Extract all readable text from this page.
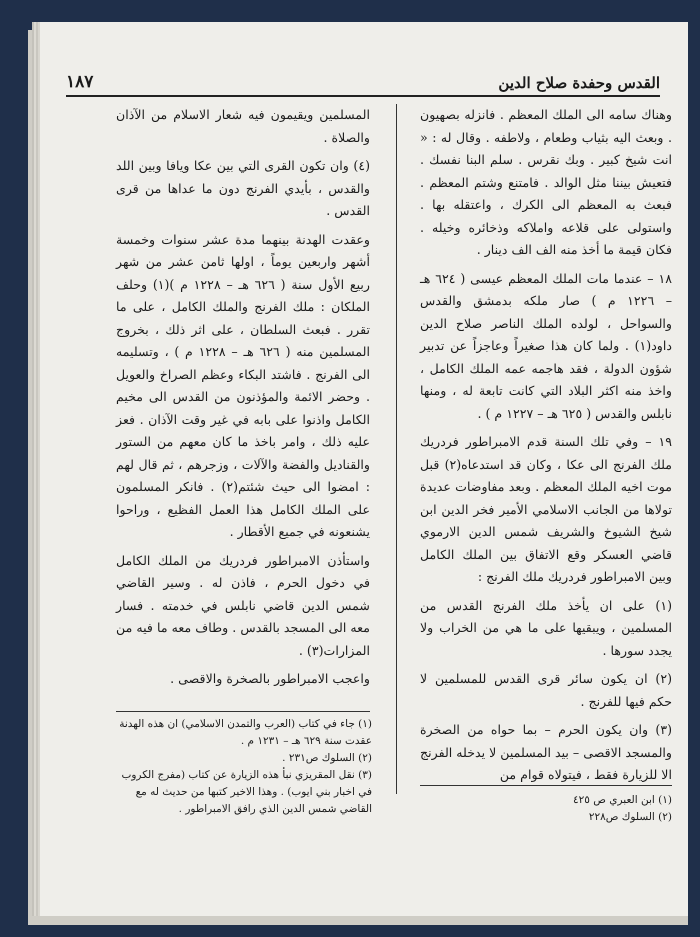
القدس وحفدة صلاح الدين
١٨٧

وهناك سامه الى الملك المعظم . فانزله بصهيون . وبعث اليه بثياب وطعام ، ولاطفه . وقال له : « انت شيخ كبير . وبك نقرس . سلم البنا نفسك . فتعيش بيننا مثل الوالد . فامتنع وشتم المعظم . فبعث به المعظم الى الكرك ، واعتقله بها . واستولى على قلاعه واملاكه وذخائره وخيله . فكان قيمة ما أخذ منه الف الف دينار .

١٨ – عندما مات الملك المعظم عيسى ( ٦٢٤ هـ – ١٢٢٦ م ) صار ملكه بدمشق والقدس والسواحل ، لولده الملك الناصر صلاح الدين داود(١) . ولما كان هذا صغيراً وعاجزاً عن تدبير شؤون الدولة ، فقد هاجمه عمه الملك الكامل ، واخذ منه اكثر البلاد التي كانت تابعة له ، ومنها نابلس والقدس ( ٦٢٥ هـ – ١٢٢٧ م ) .

١٩ – وفي تلك السنة قدم الامبراطور فردريك ملك الفرنج الى عكا ، وكان قد استدعاه(٢) قبل موت اخيه الملك المعظم . وبعد مفاوضات عديدة تولاها من الجانب الاسلامي الأمير فخر الدين ابن شيخ الشيوخ والشريف شمس الدين الارموي قاضي العسكر وقع الاتفاق بين الملك الكامل وبين الامبراطور فردريك ملك الفرنج :

(١) على ان يأخذ ملك الفرنج القدس من المسلمين ، ويبقيها على ما هي من الخراب ولا يجدد سورها .

(٢) ان يكون سائر قرى القدس للمسلمين لا حكم فيها للفرنج .

(٣) وان يكون الحرم – بما حواه من الصخرة والمسجد الاقصى – بيد المسلمين لا يدخله الفرنج الا للزيارة فقط ، فيتولاه قوام من

المسلمين ويقيمون فيه شعار الاسلام من الآذان والصلاة .

(٤) وان تكون القرى التي بين عكا ويافا وبين اللد والقدس ، بأيدي الفرنج دون ما عداها من قرى القدس .

وعقدت الهدنة بينهما مدة عشر سنوات وخمسة أشهر واربعين يوماً ، اولها ثامن عشر من شهر ربيع الأول سنة ( ٦٢٦ هـ – ١٢٢٨ م )(١) وحلف الملكان : ملك الفرنج والملك الكامل ، على ما تقرر . فبعث السلطان ، على اثر ذلك ، بخروج المسلمين منه ( ٦٢٦ هـ – ١٢٢٨ م ) ، وتسليمه الى الفرنج . فاشتد البكاء وعظم الصراخ والعويل . وحضر الائمة والمؤذنون من القدس الى مخيم الكامل واذنوا على بابه في غير وقت الآذان . فعز عليه ذلك ، وامر باخذ ما كان معهم من الستور والقناديل والفضة والآلات ، وزجرهم ، ثم قال لهم : امضوا الى حيث شئتم(٢) . فانكر المسلمون على الملك الكامل هذا العمل الفظيع ، وراحوا يشنعونه في جميع الأقطار .

واستأذن الامبراطور فردريك من الملك الكامل في دخول الحرم ، فاذن له . وسير القاضي شمس الدين قاضي نابلس في خدمته . فسار معه الى المسجد بالقدس . وطاف معه ما فيه من المزارات(٣) .

واعجب الامبراطور بالصخرة والاقصى .

(١) ابن العبري ص ٤٢٥

(٢) السلوك ص٢٢٨

(١) جاء في كتاب (العرب والتمدن الاسلامي) ان هذه الهدنة عقدت سنة ٦٢٩ هـ – ١٢٣١ م .

(٢) السلوك ص٢٣١ .

(٣) نقل المقريزي نبأ هذه الزيارة عن كتاب (مفرج الكروب في اخبار بني ايوب) . وهذا الاخير كتبها من حديث له مع القاضي شمس الدين الذي رافق الامبراطور .
